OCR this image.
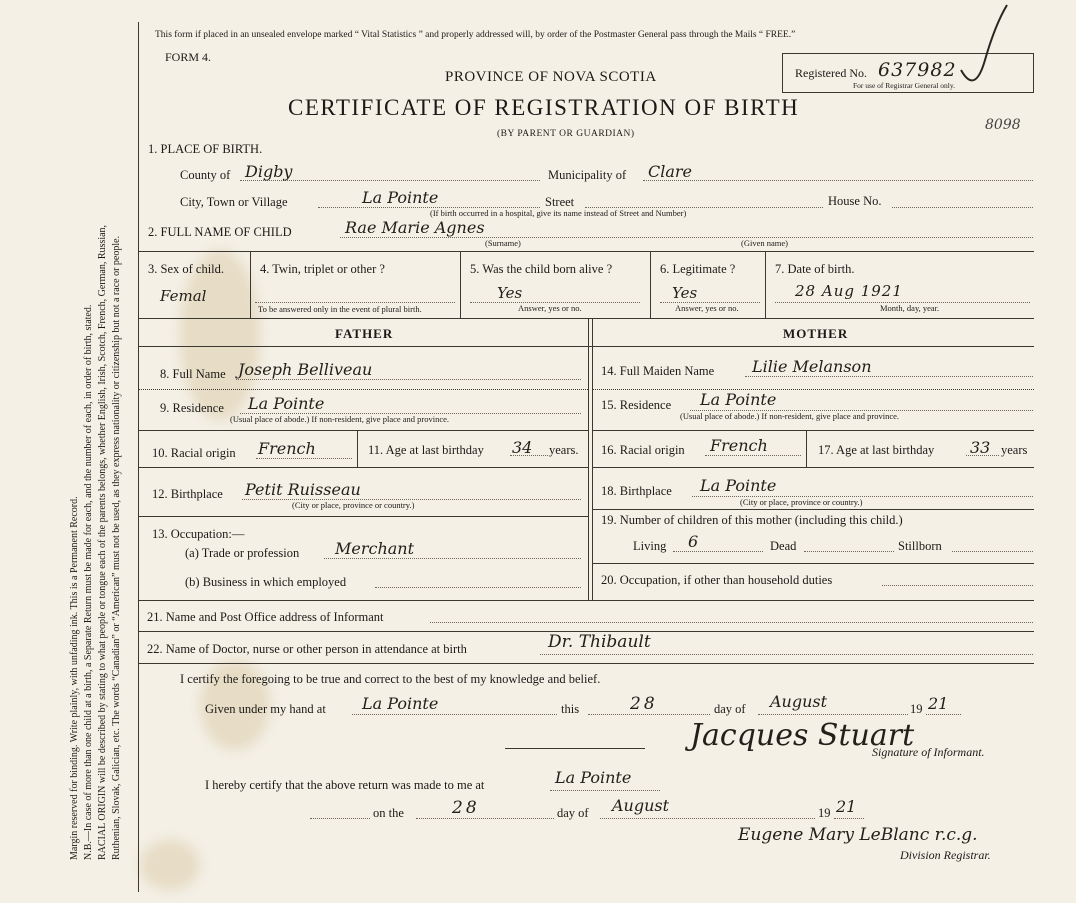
Margin reserved for binding. Write plainly, with unfading ink. This is a Permanent Record. N.B.—In case of more than one child at a birth, a Separate Return must be made for each, and the number of each, in order of birth, stated. RACIAL ORIGIN will be described by stating to what people or tongue each of the parents belongs, whether English, Irish, Scotch, French, German, Russian, Ruthenian, Slovak, Galician, etc. The words “Canadian” or “American” must not be used, as they express nationality or citizenship but not a race or people.
This form if placed in an unsealed envelope marked “ Vital Statistics ” and properly addressed will, by order of the Postmaster General pass through the Mails “ FREE.”
FORM 4.
PROVINCE OF NOVA SCOTIA
CERTIFICATE OF REGISTRATION OF BIRTH
(BY PARENT OR GUARDIAN)
Registered No. 637982
For use of Registrar General only.
8098
1. PLACE OF BIRTH.
County of Digby	Municipality of Clare
City, Town or Village	La Pointe	Street	House No.
(If birth occurred in a hospital, give its name instead of Street and Number)
2. FULL NAME OF CHILD	Rae Marie Agnes
(Surname)	(Given name)
3. Sex of child.
Femal
4. Twin, triplet or other ?
To be answered only in the event of plural birth.
5. Was the child born alive ?
Yes
Answer, yes or no.
6. Legitimate ?
Yes
Answer, yes or no.
7. Date of birth.
28 Aug 1921
Month, day, year.
FATHER	MOTHER
8. Full Name Joseph Belliveau
9. Residence La Pointe
(Usual place of abode.) If non-resident, give place and province.
10. Racial origin French	11. Age at last birthday 34 years.
12. Birthplace Petit Ruisseau
(City or place, province or country.)
13. Occupation:—
(a) Trade or profession Merchant
(b) Business in which employed
14. Full Maiden Name Lilie Melanson
15. Residence La Pointe
(Usual place of abode.) If non-resident, give place and province.
16. Racial origin French	17. Age at last birthday 33 years
18. Birthplace La Pointe
(City or place, province or country.)
19. Number of children of this mother (including this child.)
Living 6	Dead	Stillborn
20. Occupation, if other than household duties
21. Name and Post Office address of Informant
22. Name of Doctor, nurse or other person in attendance at birth	Dr. Thibault
I certify the foregoing to be true and correct to the best of my knowledge and belief.
Given under my hand at La Pointe	this	28	day of August	19 21
Jacques Stuart
Signature of Informant.
I hereby certify that the above return was made to me at	La Pointe
on the	28	day of August	19 21
Eugene Mary LeBlanc r.c.g.
Division Registrar.
